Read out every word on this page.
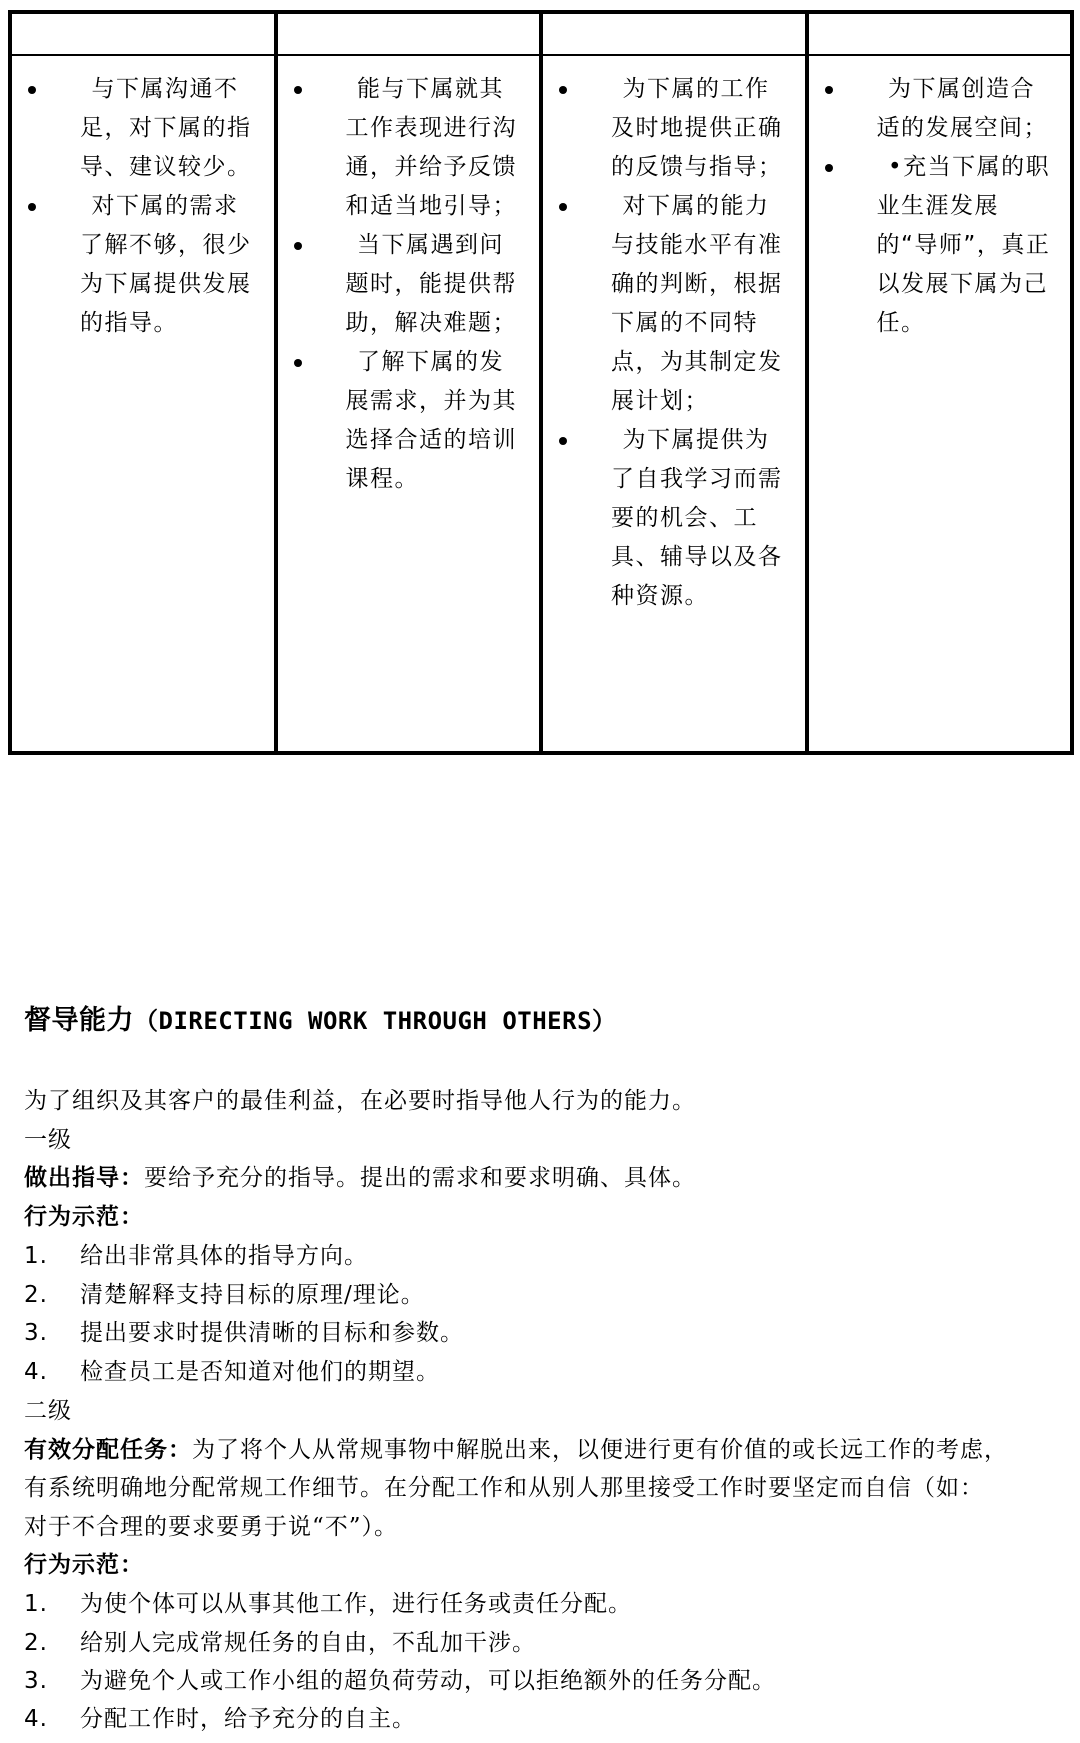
与下属沟通不足，对下属的指导、建议较少。
对下属的需求了解不够，很少为下属提供发展的指导。
能与下属就其工作表现进行沟通，并给予反馈和适当地引导；
当下属遇到问题时，能提供帮助，解决难题；
了解下属的发展需求，并为其选择合适的培训课程。
为下属的工作及时地提供正确的反馈与指导；
对下属的能力与技能水平有准确的判断，根据下属的不同特点，为其制定发展计划；
为下属提供为了自我学习而需要的机会、工具、辅导以及各种资源。
为下属创造合适的发展空间；
•充当下属的职业生涯发展的“导师”，真正以发展下属为己任。
督导能力（DIRECTING WORK THROUGH OTHERS）
为了组织及其客户的最佳利益，在必要时指导他人行为的能力。
一级
做出指导：要给予充分的指导。提出的需求和要求明确、具体。
行为示范：
1. 给出非常具体的指导方向。
2. 清楚解释支持目标的原理/理论。
3. 提出要求时提供清晰的目标和参数。
4. 检查员工是否知道对他们的期望。
二级
有效分配任务：为了将个人从常规事物中解脱出来，以便进行更有价值的或长远工作的考虑，
有系统明确地分配常规工作细节。在分配工作和从别人那里接受工作时要坚定而自信（如：
对于不合理的要求要勇于说“不”）。
行为示范：
1. 为使个体可以从事其他工作，进行任务或责任分配。
2. 给别人完成常规任务的自由，不乱加干涉。
3. 为避免个人或工作小组的超负荷劳动，可以拒绝额外的任务分配。
4. 分配工作时，给予充分的自主。
